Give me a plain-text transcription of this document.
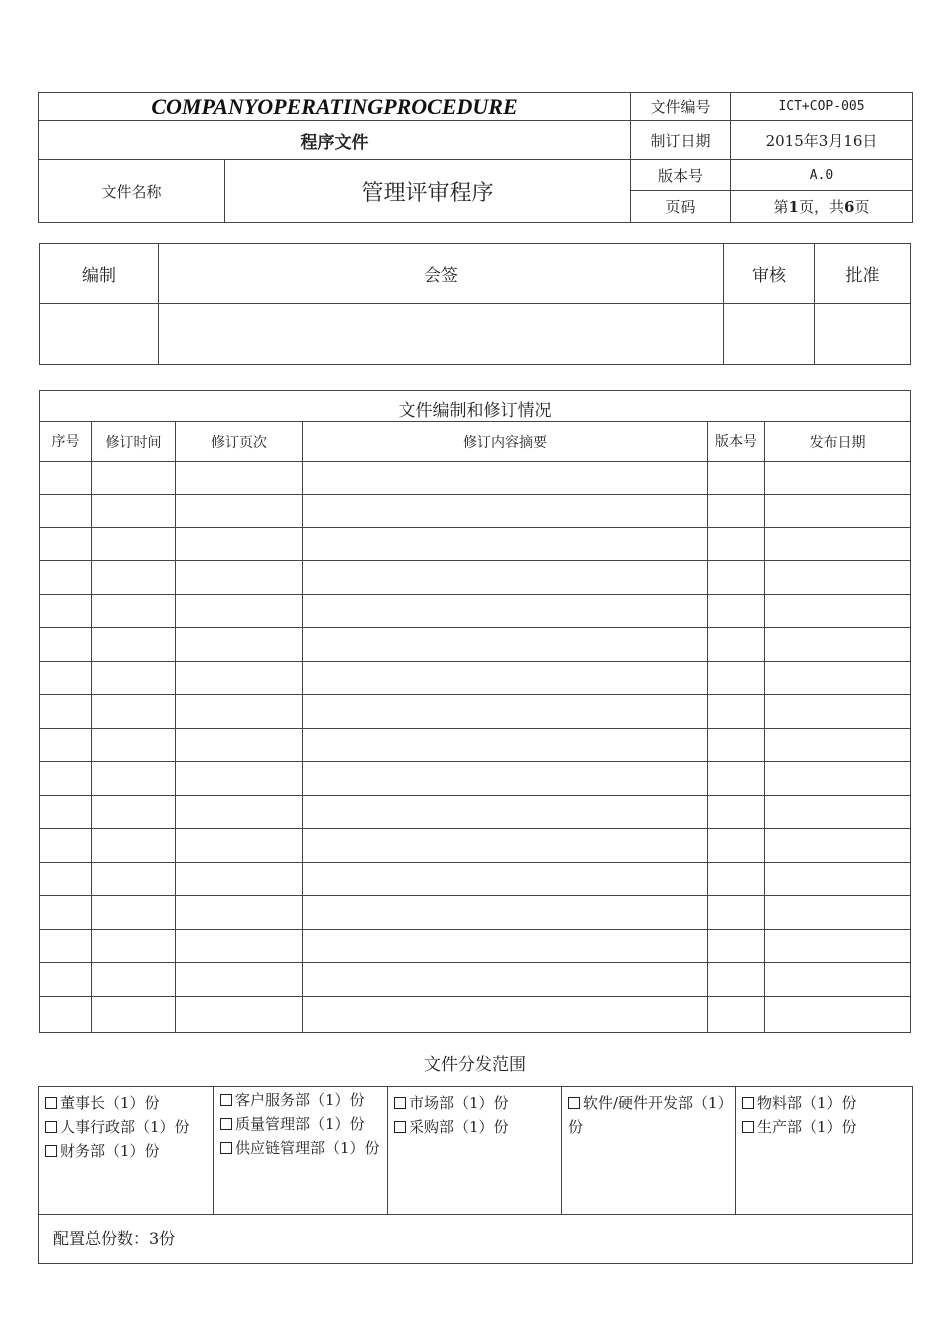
COMPANYOPERATINGPROCEDURE		文件编号	ICT+COP-005
程序文件		制订日期	2015年3月16日
文件名称	管理评审程序	版本号	A.0
		页码	第1页，共6页
编制	会签	审核	批准

文件编制和修订情况					
序号	修订时间	修订页次	修订内容摘要	版本号	发布日期

文件分发范围
董事长（1）份
人事行政部（1）份
财务部（1）份

客户服务部（1）份
质量管理部（1）份
供应链管理部（1）份

市场部（1）份
采购部（1）份

软件/硬件开发部（1）份

物料部（1）份
生产部（1）份

配置总份数：3份
